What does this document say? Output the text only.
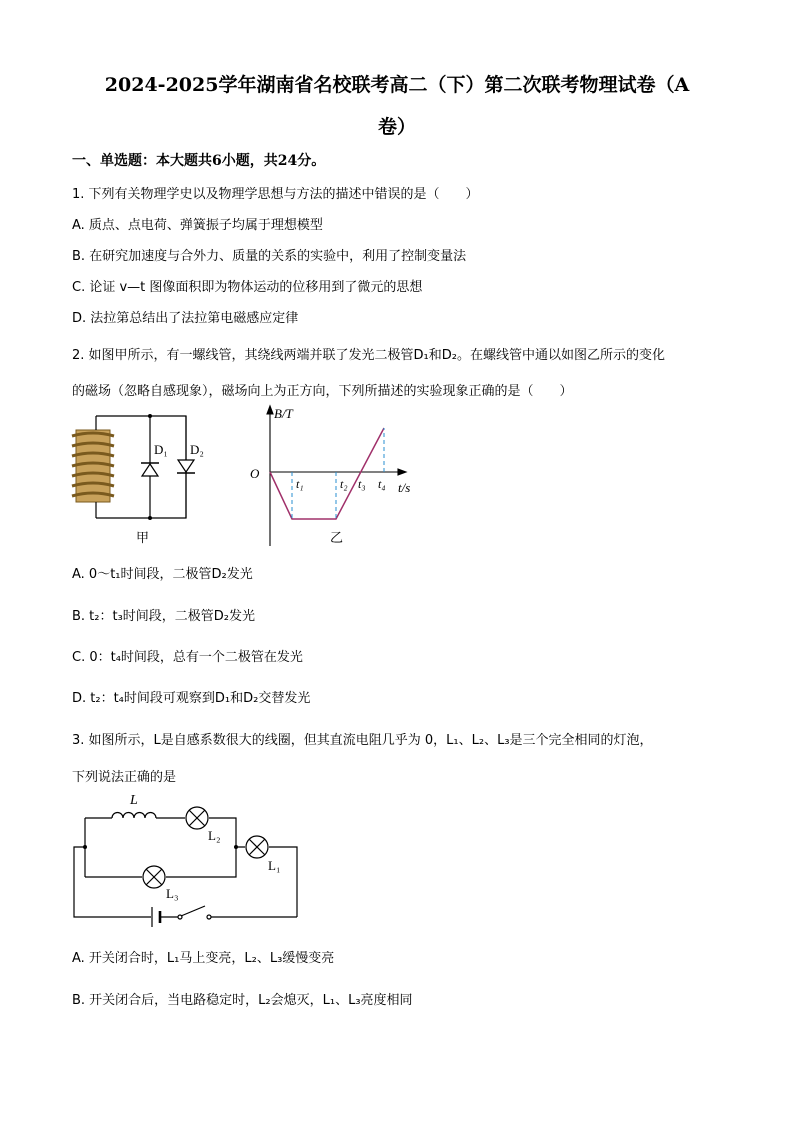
2024-2025学年湖南省名校联考高二（下）第二次联考物理试卷（A
卷）
一、单选题：本大题共6小题，共24分。
1. 下列有关物理学史以及物理学思想与方法的描述中错误的是（　　）
A. 质点、点电荷、弹簧振子均属于理想模型
B. 在研究加速度与合外力、质量的关系的实验中，利用了控制变量法
C. 论证 v—t 图像面积即为物体运动的位移用到了微元的思想
D. 法拉第总结出了法拉第电磁感应定律
2. 如图甲所示，有一螺线管，其绕线两端并联了发光二极管D₁和D₂。在螺线管中通以如图乙所示的变化
的磁场（忽略自感现象），磁场向上为正方向，下列所描述的实验现象正确的是（　　）
D₁ D₂
甲
B/T
O
t/s
t₁	t₂ t₃ t₄
乙
A. 0～t₁时间段，二极管D₂发光
B. t₂：t₃时间段，二极管D₂发光
C. 0：t₄时间段，总有一个二极管在发光
D. t₂：t₄时间段可观察到D₁和D₂交替发光
3. 如图所示，L是自感系数很大的线圈，但其直流电阻几乎为 0，L₁、L₂、L₃是三个完全相同的灯泡，
下列说法正确的是
L
L₂
L₁
L₃
A. 开关闭合时，L₁马上变亮，L₂、L₃缓慢变亮
B. 开关闭合后，当电路稳定时，L₂会熄灭，L₁、L₃亮度相同
